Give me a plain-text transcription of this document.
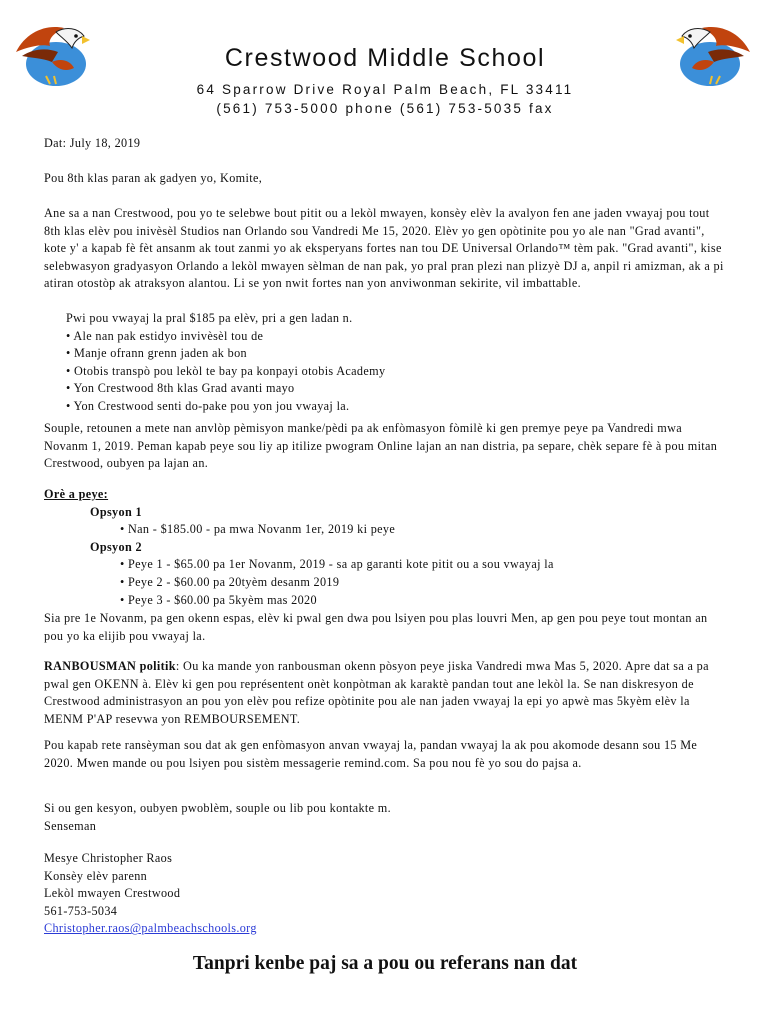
Crestwood Middle School
64 Sparrow Drive Royal Palm Beach, FL 33411
(561) 753-5000 phone (561) 753-5035 fax
Dat: July 18, 2019
Pou 8th klas paran ak gadyen yo, Komite,
Ane sa a nan Crestwood, pou yo te selebwe bout pitit ou a lekòl mwayen, konsèy elèv la avalyon fen ane jaden vwayaj pou tout 8th klas elèv pou inivèsèl Studios nan Orlando sou Vandredi Me 15, 2020. Elèv yo gen opòtinite pou yo ale nan "Grad avanti", kote y' a kapab fè fèt ansanm ak tout zanmi yo ak eksperyans fortes nan tou DE Universal Orlando™ tèm pak. "Grad avanti", kise selebwasyon gradyasyon Orlando a lekòl mwayen sèlman de nan pak, yo pral pran plezi nan plizyè DJ a, anpil ri amizman, ak a pi atiran otostòp ak atraksyon alantou. Li se yon nwit fortes nan yon anviwonman sekirite, vil imbattable.

Pwi pou vwayaj la pral $185 pa elèv, pri a gen ladan n.

• Ale nan pak estidyo invivèsèl tou de

• Manje ofrann grenn jaden ak bon

• Otobis transpò pou lekòl te bay pa konpayi otobis Academy

• Yon Crestwood 8th klas Grad avanti mayo

• Yon Crestwood senti do-pake pou yon jou vwayaj la.

Souple, retounen a mete nan anvlòp pèmisyon manke/pèdi pa ak enfòmasyon fòmilè ki gen premye peye pa Vandredi mwa Novanm 1, 2019. Peman kapab peye sou liy ap itilize pwogram Online lajan an nan distria, pa separe, chèk separe fè à pou mitan Crestwood, oubyen pa lajan an.

Orè a peye:

Opsyon 1

• Nan - $185.00 - pa mwa Novanm 1er, 2019 ki peye

Opsyon 2

• Peye 1 - $65.00 pa 1er Novanm, 2019 - sa ap garanti kote pitit ou a sou vwayaj la

• Peye 2 - $60.00 pa 20tyèm desanm 2019

• Peye 3 - $60.00 pa 5kyèm mas 2020

Sia pre 1e Novanm, pa gen okenn espas, elèv ki pwal gen dwa pou lsiyen pou plas louvri Men, ap gen pou peye tout montan an pou yo ka elijib pou vwayaj la.
RANBOUSMAN politik: Ou ka mande yon ranbousman okenn pòsyon peye jiska Vandredi mwa Mas 5, 2020. Apre dat sa a pa pwal gen OKENN à. Elèv ki gen pou représentent onèt konpòtman ak karaktè pandan tout ane lekòl la. Se nan diskresyon de Crestwood administrasyon an pou yon elèv pou refize opòtinite pou ale nan jaden vwayaj la epi yo apwè mas 5kyèm elèv la MENM P'AP resevwa yon REMBOURSEMENT.
Pou kapab rete ransèyman sou dat ak gen enfòmasyon anvan vwayaj la, pandan vwayaj la ak pou akomode desann sou 15 Me 2020. Mwen mande ou pou lsiyen pou sistèm messagerie remind.com. Sa pou nou fè yo sou do pajsa a.

Si ou gen kesyon, oubyen pwoblèm, souple ou lib pou kontakte m.

Senseman

Mesye Christopher Raos

Konsèy elèv parenn

Lekòl mwayen Crestwood

561-753-5034

Christopher.raos@palmbeachschools.org

Tanpri kenbe paj sa a pou ou referans nan dat
